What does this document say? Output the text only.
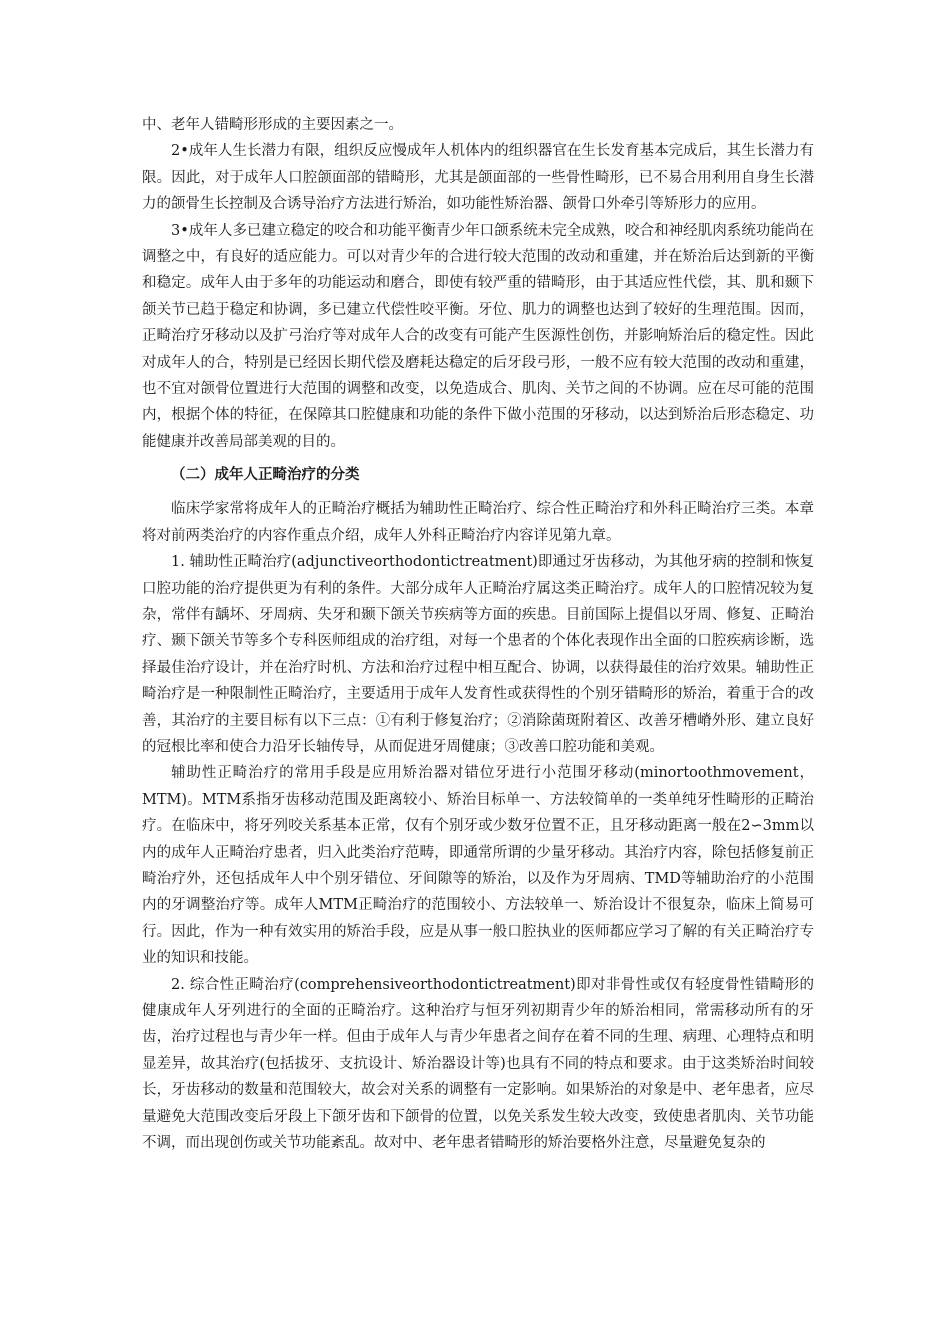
中、老年人错畸形形成的主要因素之一。

2•成年人生长潜力有限，组织反应慢成年人机体内的组织器官在生长发育基本完成后，其生长潜力有限。因此，对于成年人口腔颌面部的错畸形，尤其是颌面部的一些骨性畸形，已不易合用利用自身生长潜力的颌骨生长控制及合诱导治疗方法进行矫治，如功能性矫治器、颌骨口外牵引等矫形力的应用。

3•成年人多已建立稳定的咬合和功能平衡青少年口颌系统未完全成熟，咬合和神经肌肉系统功能尚在调整之中，有良好的适应能力。可以对青少年的合进行较大范围的改动和重建，并在矫治后达到新的平衡和稳定。成年人由于多年的功能运动和磨合，即使有较严重的错畸形，由于其适应性代偿，其、肌和颞下颌关节已趋于稳定和协调，多已建立代偿性咬平衡。牙位、肌力的调整也达到了较好的生理范围。因而，正畸治疗牙移动以及扩弓治疗等对成年人合的改变有可能产生医源性创伤，并影响矫治后的稳定性。因此对成年人的合，特别是已经因长期代偿及磨耗达稳定的后牙段弓形，一般不应有较大范围的改动和重建，也不宜对颌骨位置进行大范围的调整和改变，以免造成合、肌肉、关节之间的不协调。应在尽可能的范围内，根据个体的特征，在保障其口腔健康和功能的条件下做小范围的牙移动，以达到矫治后形态稳定、功能健康并改善局部美观的目的。

（二）成年人正畸治疗的分类

临床学家常将成年人的正畸治疗概括为辅助性正畸治疗、综合性正畸治疗和外科正畸治疗三类。本章将对前两类治疗的内容作重点介绍，成年人外科正畸治疗内容详见第九章。

1. 辅助性正畸治疗(adjunctiveorthodontictreatment)即通过牙齿移动，为其他牙病的控制和恢复口腔功能的治疗提供更为有利的条件。大部分成年人正畸治疗属这类正畸治疗。成年人的口腔情况较为复杂，常伴有龋坏、牙周病、失牙和颞下颌关节疾病等方面的疾患。目前国际上提倡以牙周、修复、正畸治疗、颞下颌关节等多个专科医师组成的治疗组，对每一个患者的个体化表现作出全面的口腔疾病诊断，选择最佳治疗设计，并在治疗时机、方法和治疗过程中相互配合、协调，以获得最佳的治疗效果。辅助性正畸治疗是一种限制性正畸治疗，主要适用于成年人发育性或获得性的个别牙错畸形的矫治，着重于合的改善，其治疗的主要目标有以下三点：①有利于修复治疗；②消除菌斑附着区、改善牙槽嵴外形、建立良好的冠根比率和使合力沿牙长轴传导，从而促进牙周健康；③改善口腔功能和美观。

辅助性正畸治疗的常用手段是应用矫治器对错位牙进行小范围牙移动(minortoothmovement，MTM)。MTM系指牙齿移动范围及距离较小、矫治目标单一、方法较简单的一类单纯牙性畸形的正畸治疗。在临床中，将牙列咬关系基本正常，仅有个别牙或少数牙位置不正，且牙移动距离一般在2∽3mm以内的成年人正畸治疗患者，归入此类治疗范畴，即通常所谓的少量牙移动。其治疗内容，除包括修复前正畸治疗外，还包括成年人中个别牙错位、牙间隙等的矫治，以及作为牙周病、TMD等辅助治疗的小范围内的牙调整治疗等。成年人MTM正畸治疗的范围较小、方法较单一、矫治设计不很复杂，临床上简易可行。因此，作为一种有效实用的矫治手段，应是从事一般口腔执业的医师都应学习了解的有关正畸治疗专业的知识和技能。

2. 综合性正畸治疗(comprehensiveorthodontictreatment)即对非骨性或仅有轻度骨性错畸形的健康成年人牙列进行的全面的正畸治疗。这种治疗与恒牙列初期青少年的矫治相同，常需移动所有的牙齿，治疗过程也与青少年一样。但由于成年人与青少年患者之间存在着不同的生理、病理、心理特点和明显差异，故其治疗(包括拔牙、支抗设计、矫治器设计等)也具有不同的特点和要求。由于这类矫治时间较长，牙齿移动的数量和范围较大，故会对关系的调整有一定影响。如果矫治的对象是中、老年患者，应尽量避免大范围改变后牙段上下颌牙齿和下颌骨的位置，以免关系发生较大改变，致使患者肌肉、关节功能不调，而出现创伤或关节功能紊乱。故对中、老年患者错畸形的矫治要格外注意，尽量避免复杂的
